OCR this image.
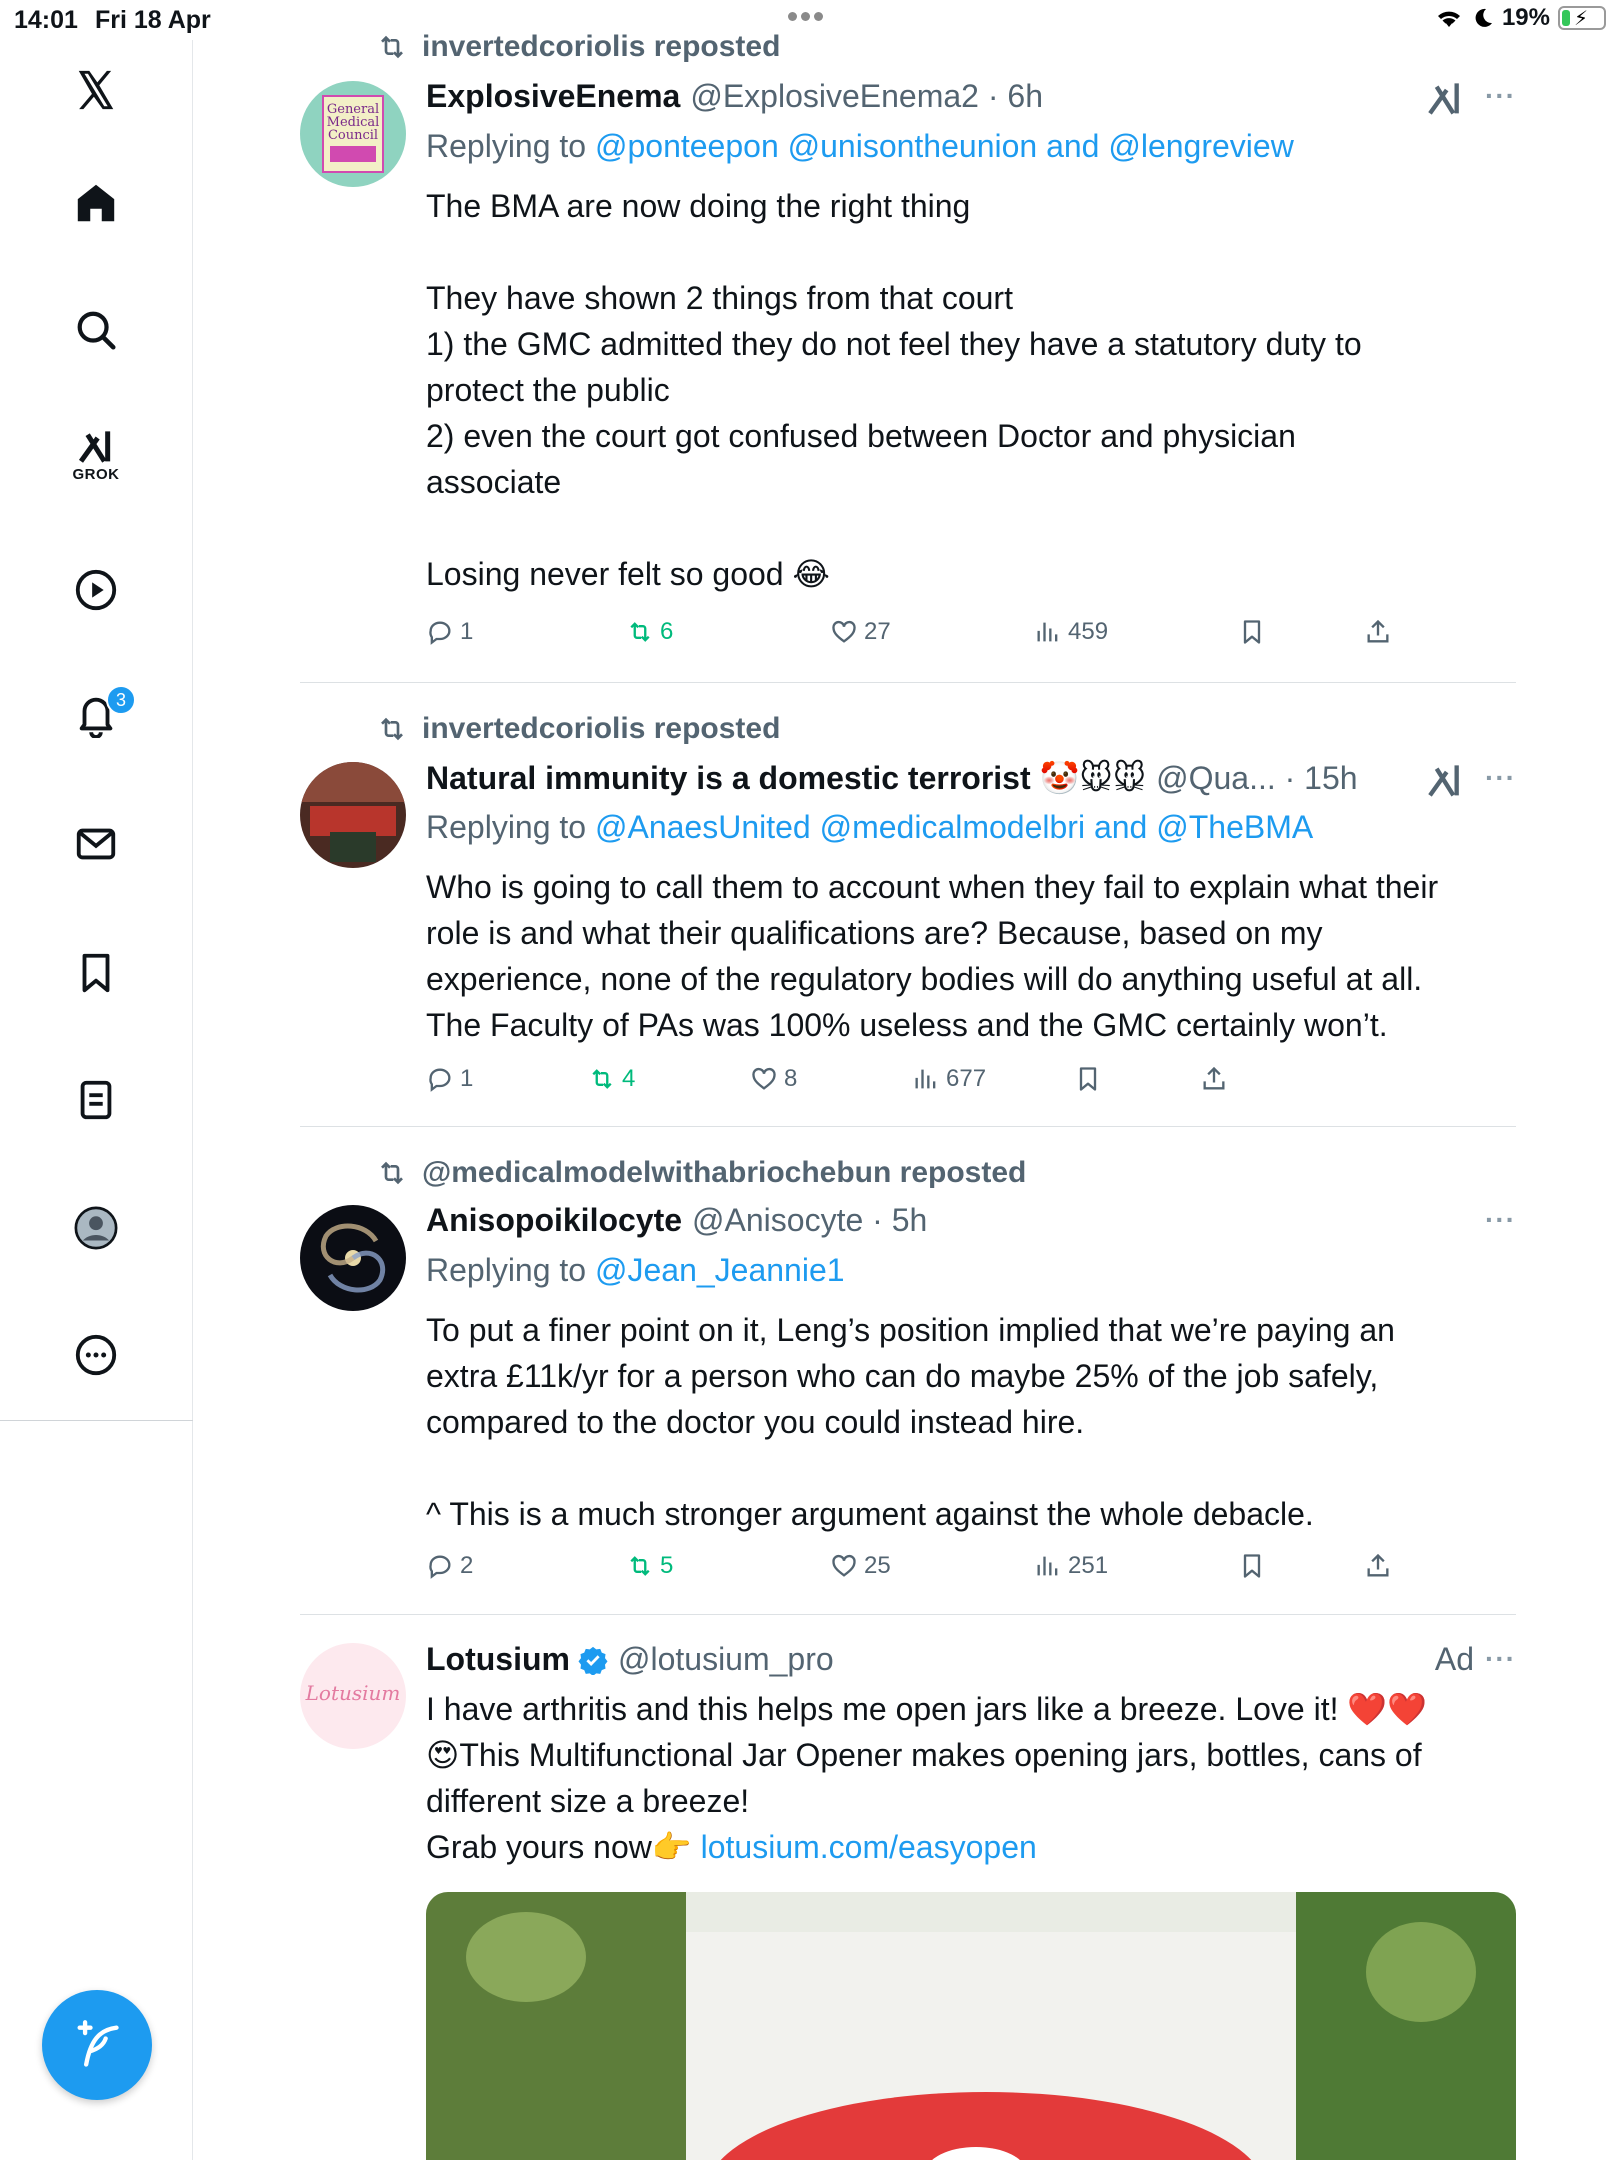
14:01 Fri 18 Apr	19% ⚡
GROK
3
invertedcoriolis reposted
General
Medical
Council
ExplosiveEnema @ExplosiveEnema2 · 6h	···
Replying to @ponteepon @unisontheunion and @lengreview

The BMA are now doing the right thing

They have shown 2 things from that court

1) the GMC admitted they do not feel they have a statutory duty to

protect the public

2) even the court got confused between Doctor and physician

associate

Losing never felt so good 😂

1	6	27	459
invertedcoriolis reposted
Natural immunity is a domestic terrorist 🤡🐭🐭 @Qua... · 15h	···
Replying to @AnaesUnited @medicalmodelbri and @TheBMA

Who is going to call them to account when they fail to explain what their

role is and what their qualifications are? Because, based on my

experience, none of the regulatory bodies will do anything useful at all.

The Faculty of PAs was 100% useless and the GMC certainly won’t.

1	4	8	677
@medicalmodelwithabriochebun reposted
Anisopoikilocyte @Anisocyte · 5h	···
Replying to @Jean_Jeannie1

To put a finer point on it, Leng’s position implied that we’re paying an

extra £11k/yr for a person who can do maybe 25% of the job safely,

compared to the doctor you could instead hire.

^ This is a much stronger argument against the whole debacle.

2	5	25	251
Lotusium
Lotusium @lotusium_pro	Ad ···

I have arthritis and this helps me open jars like a breeze. Love it! ❤️❤️

😍This Multifunctional Jar Opener makes opening jars, bottles, cans of

different size a breeze!

Grab yours now👉 lotusium.com/easyopen
